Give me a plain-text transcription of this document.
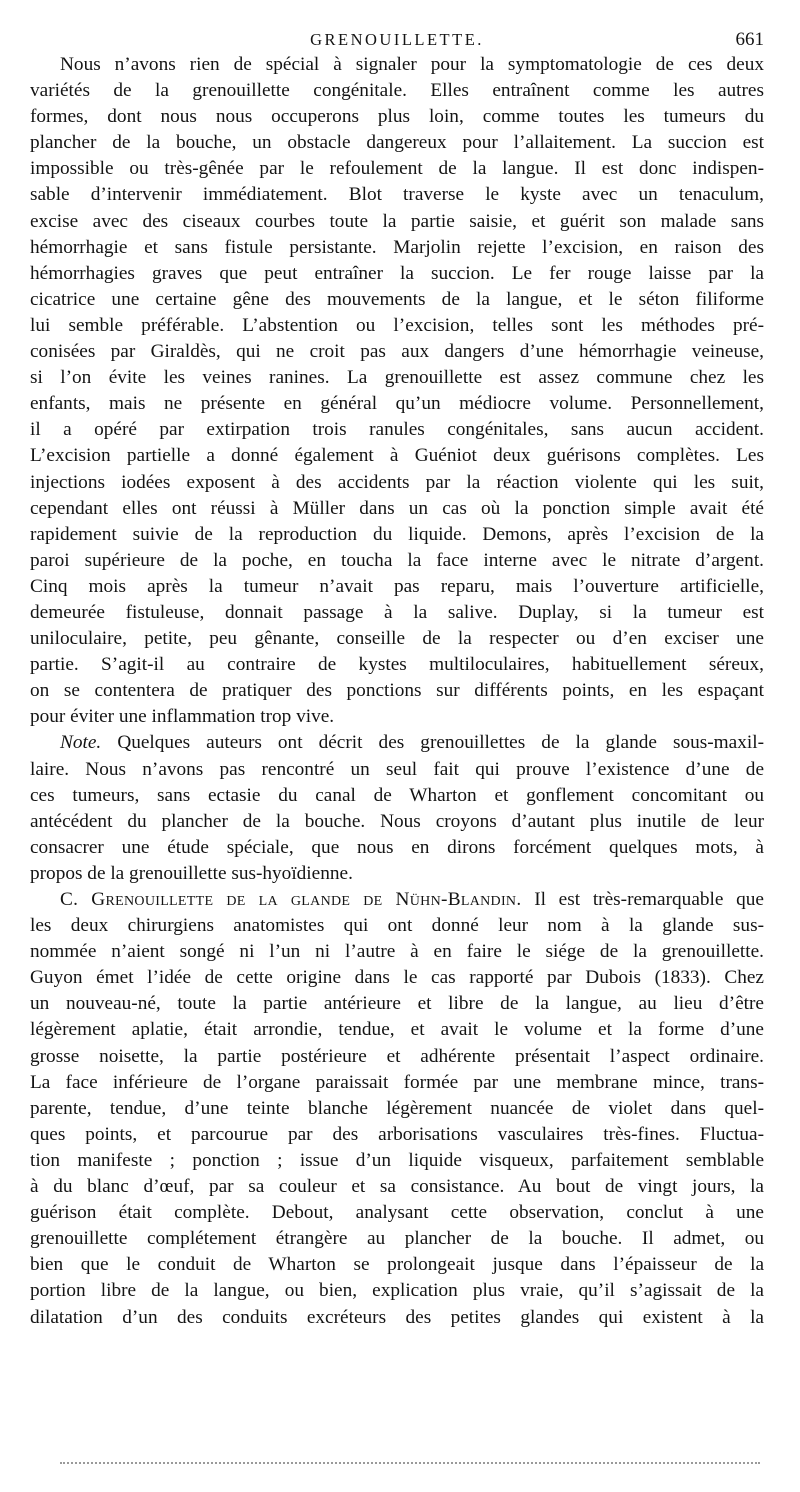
GRENOUILLETTE.	661
Nous n’avons rien de spécial à signaler pour la symptomatologie de ces deux
variétés de la grenouillette congénitale. Elles entraînent comme les autres
formes, dont nous nous occuperons plus loin, comme toutes les tumeurs du
plancher de la bouche, un obstacle dangereux pour l’allaitement. La succion est
impossible ou très-gênée par le refoulement de la langue. Il est donc indispen-
sable d’intervenir immédiatement. Blot traverse le kyste avec un tenaculum,
excise avec des ciseaux courbes toute la partie saisie, et guérit son malade sans
hémorrhagie et sans fistule persistante. Marjolin rejette l’excision, en raison des
hémorrhagies graves que peut entraîner la succion. Le fer rouge laisse par la
cicatrice une certaine gêne des mouvements de la langue, et le séton filiforme
lui semble préférable. L’abstention ou l’excision, telles sont les méthodes pré-
conisées par Giraldès, qui ne croit pas aux dangers d’une hémorrhagie veineuse,
si l’on évite les veines ranines. La grenouillette est assez commune chez les
enfants, mais ne présente en général qu’un médiocre volume. Personnellement,
il a opéré par extirpation trois ranules congénitales, sans aucun accident.
L’excision partielle a donné également à Guéniot deux guérisons complètes. Les
injections iodées exposent à des accidents par la réaction violente qui les suit,
cependant elles ont réussi à Müller dans un cas où la ponction simple avait été
rapidement suivie de la reproduction du liquide. Demons, après l’excision de la
paroi supérieure de la poche, en toucha la face interne avec le nitrate d’argent.
Cinq mois après la tumeur n’avait pas reparu, mais l’ouverture artificielle,
demeurée fistuleuse, donnait passage à la salive. Duplay, si la tumeur est
uniloculaire, petite, peu gênante, conseille de la respecter ou d’en exciser une
partie. S’agit-il au contraire de kystes multiloculaires, habituellement séreux,
on se contentera de pratiquer des ponctions sur différents points, en les espaçant
pour éviter une inflammation trop vive.
Note. Quelques auteurs ont décrit des grenouillettes de la glande sous-maxil-
laire. Nous n’avons pas rencontré un seul fait qui prouve l’existence d’une de
ces tumeurs, sans ectasie du canal de Wharton et gonflement concomitant ou
antécédent du plancher de la bouche. Nous croyons d’autant plus inutile de leur
consacrer une étude spéciale, que nous en dirons forcément quelques mots, à
propos de la grenouillette sus-hyoïdienne.
C. Grenouillette de la glande de Nühn-Blandin. Il est très-remarquable que
les deux chirurgiens anatomistes qui ont donné leur nom à la glande sus-
nommée n’aient songé ni l’un ni l’autre à en faire le siége de la grenouillette.
Guyon émet l’idée de cette origine dans le cas rapporté par Dubois (1833). Chez
un nouveau-né, toute la partie antérieure et libre de la langue, au lieu d’être
légèrement aplatie, était arrondie, tendue, et avait le volume et la forme d’une
grosse noisette, la partie postérieure et adhérente présentait l’aspect ordinaire.
La face inférieure de l’organe paraissait formée par une membrane mince, trans-
parente, tendue, d’une teinte blanche légèrement nuancée de violet dans quel-
ques points, et parcourue par des arborisations vasculaires très-fines. Fluctua-
tion manifeste ; ponction ; issue d’un liquide visqueux, parfaitement semblable
à du blanc d’œuf, par sa couleur et sa consistance. Au bout de vingt jours, la
guérison était complète. Debout, analysant cette observation, conclut à une
grenouillette complétement étrangère au plancher de la bouche. Il admet, ou
bien que le conduit de Wharton se prolongeait jusque dans l’épaisseur de la
portion libre de la langue, ou bien, explication plus vraie, qu’il s’agissait de la
dilatation d’un des conduits excréteurs des petites glandes qui existent à la
